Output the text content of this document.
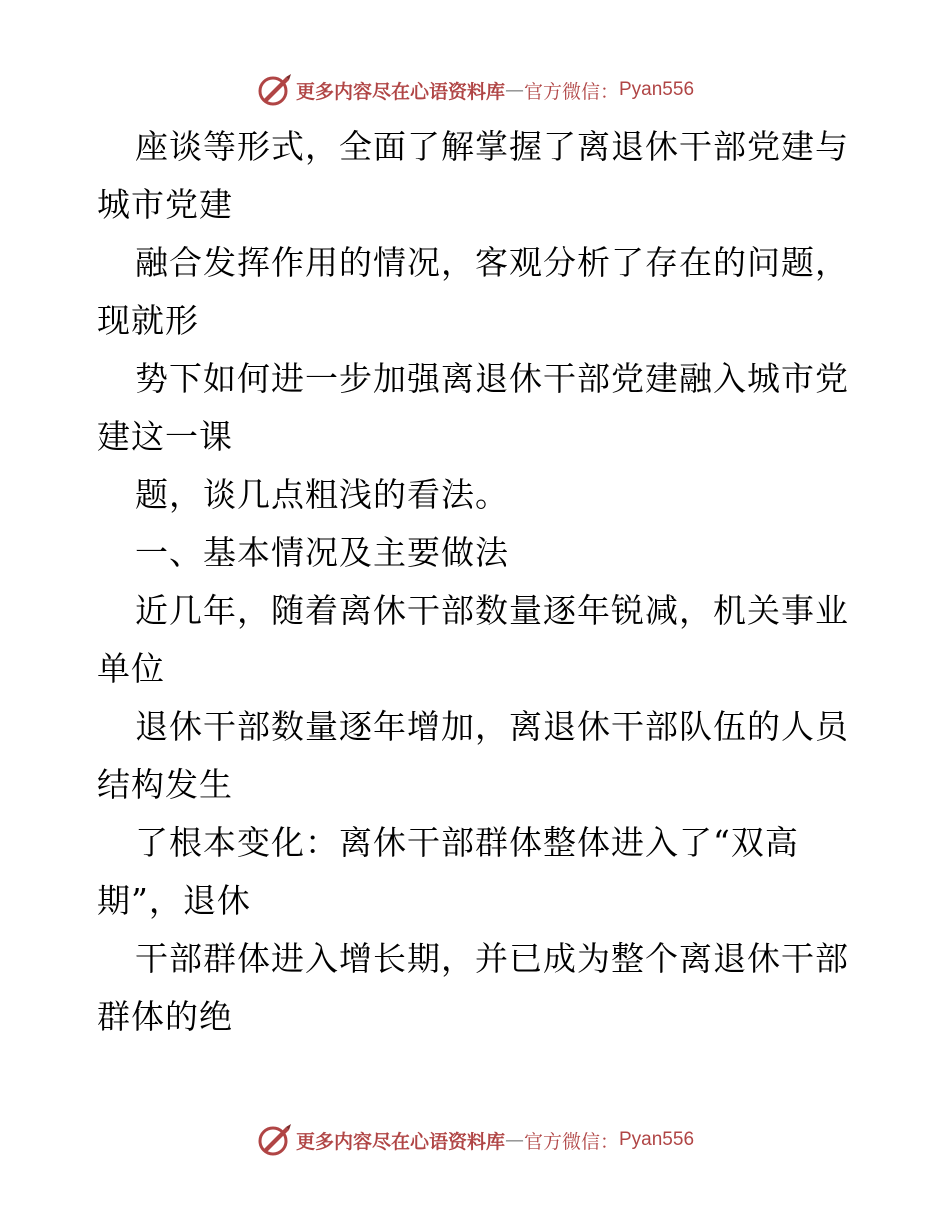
更多内容尽在心语资料库 — 官方微信： Pyan556
座谈等形式，全面了解掌握了离退休干部党建与
城市党建
融合发挥作用的情况，客观分析了存在的问题，
现就形
势下如何进一步加强离退休干部党建融入城市党
建这一课
题，谈几点粗浅的看法。
一、基本情况及主要做法
近几年，随着离休干部数量逐年锐减，机关事业
单位
退休干部数量逐年增加，离退休干部队伍的人员
结构发生
了根本变化：离休干部群体整体进入了“双高
期”，退休
干部群体进入增长期，并已成为整个离退休干部
群体的绝
更多内容尽在心语资料库 — 官方微信： Pyan556
